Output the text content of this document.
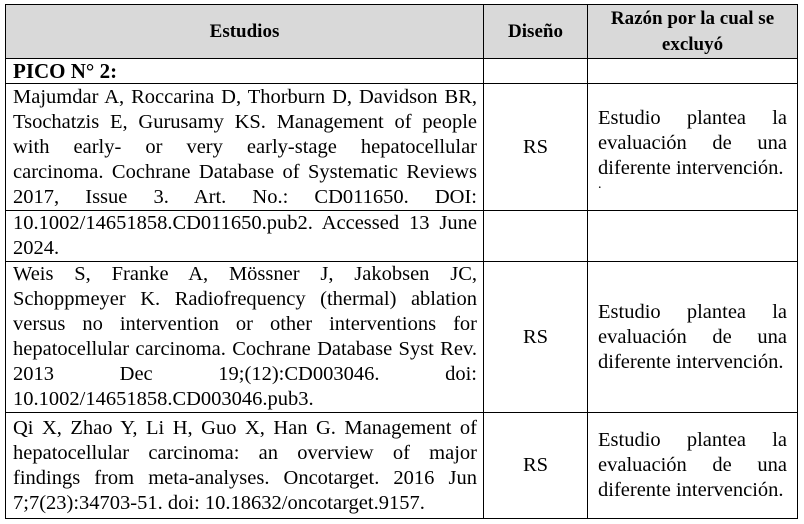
Estudios	Diseño	Razón por la cual se excluyó
PICO N° 2:		
Majumdar A, Roccarina D, Thorburn D, Davidson BR, Tsochatzis E, Gurusamy KS. Management of people with early- or very early-stage hepatocellular carcinoma. Cochrane Database of Systematic Reviews 2017, Issue 3. Art. No.: CD011650. DOI:	RS	Estudio plantea la evaluación de una diferente intervención.
.

10.1002/14651858.CD011650.pub2. Accessed 13 June 2024.		
Weis S, Franke A, Mössner J, Jakobsen JC, Schoppmeyer K. Radiofrequency (thermal) ablation versus no intervention or other interventions for hepatocellular carcinoma. Cochrane Database Syst Rev. 2013 Dec 19;(12):CD003046. doi: 10.1002/14651858.CD003046.pub3.	RS	Estudio plantea la evaluación de una diferente intervención.
Qi X, Zhao Y, Li H, Guo X, Han G. Management of hepatocellular carcinoma: an overview of major findings from meta-analyses. Oncotarget. 2016 Jun 7;7(23):34703-51. doi: 10.18632/oncotarget.9157.	RS	Estudio plantea la evaluación de una diferente intervención.
